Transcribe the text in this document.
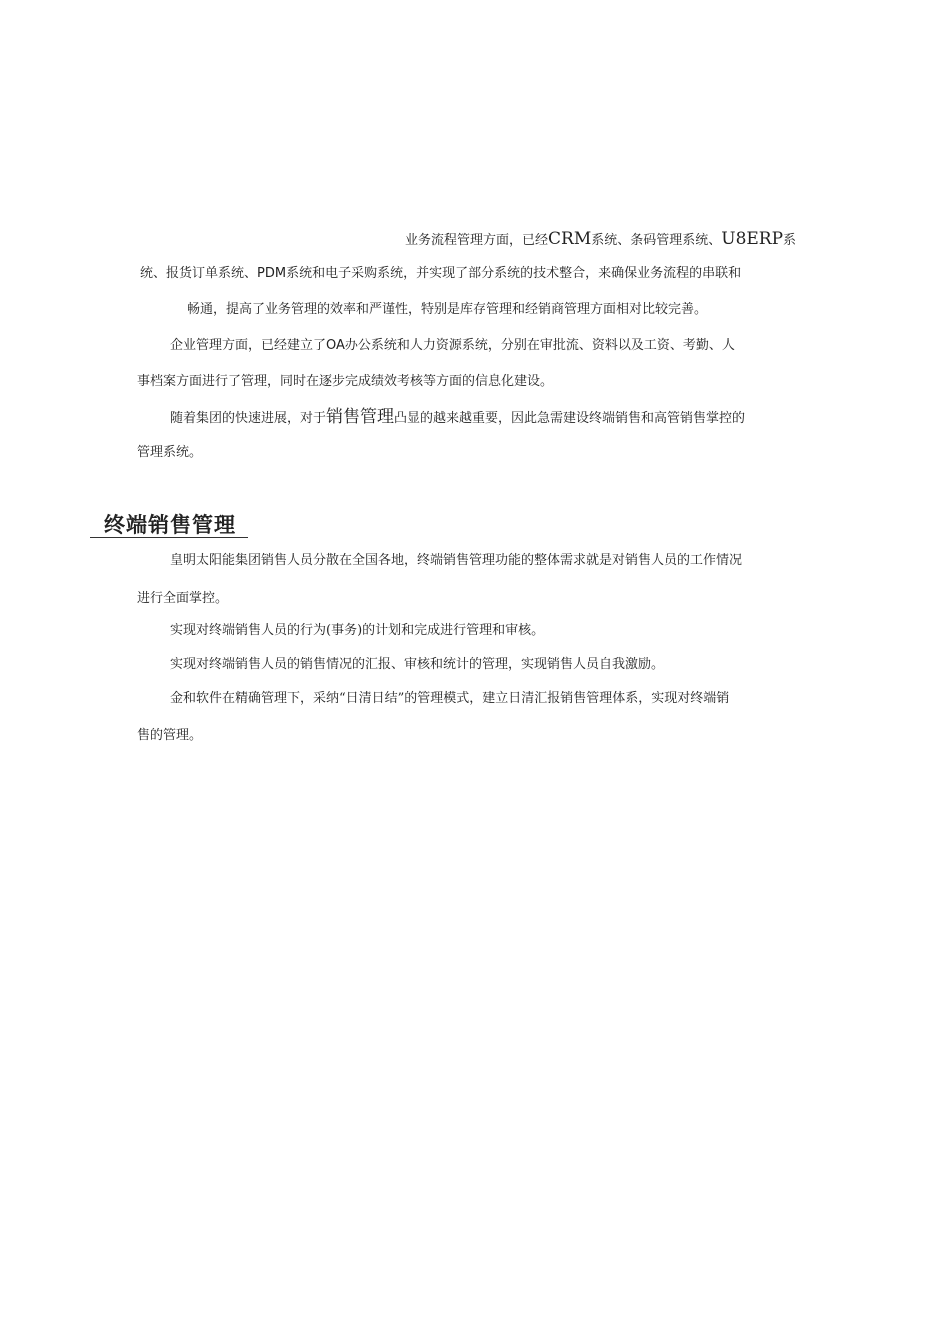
业务流程管理方面，已经CRM系统、条码管理系统、U8ERP系
统、报货订单系统、PDM系统和电子采购系统，并实现了部分系统的技术整合，来确保业务流程的串联和
畅通，提高了业务管理的效率和严谨性，特别是库存管理和经销商管理方面相对比较完善。
企业管理方面，已经建立了OA办公系统和人力资源系统，分别在审批流、资料以及工资、考勤、人
事档案方面进行了管理，同时在逐步完成绩效考核等方面的信息化建设。
随着集团的快速进展，对于销售管理凸显的越来越重要，因此急需建设终端销售和高管销售掌控的
管理系统。
终端销售管理
皇明太阳能集团销售人员分散在全国各地，终端销售管理功能的整体需求就是对销售人员的工作情况
进行全面掌控。
实现对终端销售人员的行为(事务)的计划和完成进行管理和审核。
实现对终端销售人员的销售情况的汇报、审核和统计的管理，实现销售人员自我激励。
金和软件在精确管理下，采纳“日清日结”的管理模式，建立日清汇报销售管理体系，实现对终端销
售的管理。
